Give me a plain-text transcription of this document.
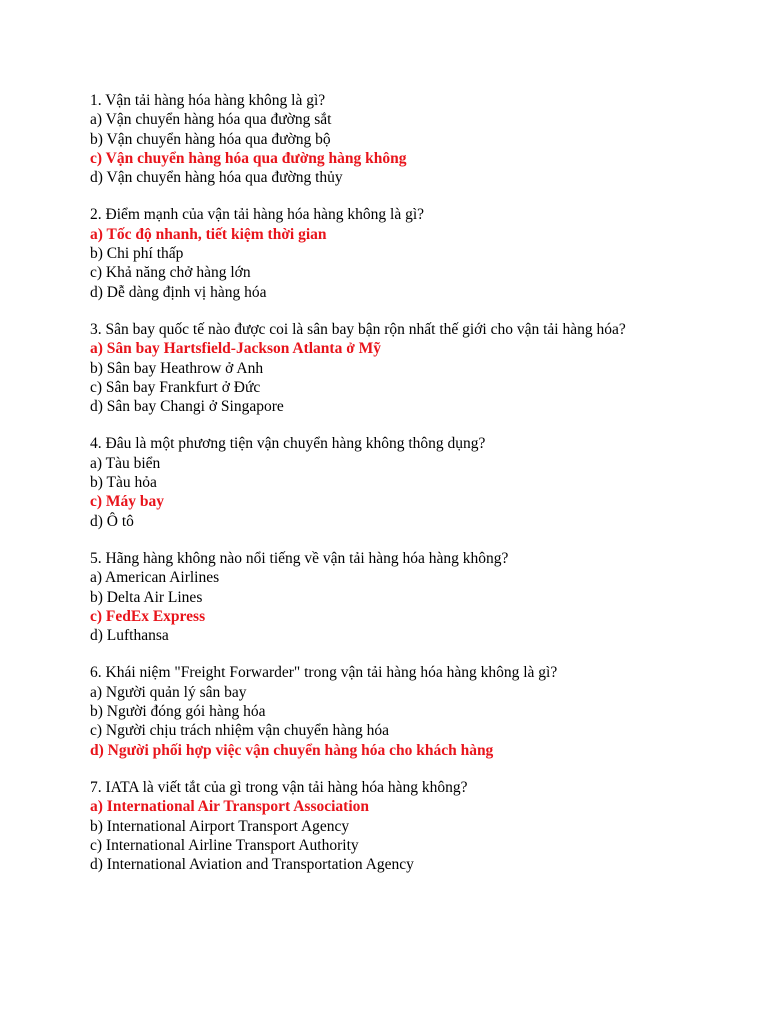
1. Vận tải hàng hóa hàng không là gì?
a) Vận chuyển hàng hóa qua đường sắt
b) Vận chuyển hàng hóa qua đường bộ
c) Vận chuyển hàng hóa qua đường hàng không
d) Vận chuyển hàng hóa qua đường thủy
2. Điểm mạnh của vận tải hàng hóa hàng không là gì?
a) Tốc độ nhanh, tiết kiệm thời gian
b) Chi phí thấp
c) Khả năng chở hàng lớn
d) Dễ dàng định vị hàng hóa
3. Sân bay quốc tế nào được coi là sân bay bận rộn nhất thế giới cho vận tải hàng hóa?
a) Sân bay Hartsfield-Jackson Atlanta ở Mỹ
b) Sân bay Heathrow ở Anh
c) Sân bay Frankfurt ở Đức
d) Sân bay Changi ở Singapore
4. Đâu là một phương tiện vận chuyển hàng không thông dụng?
a) Tàu biển
b) Tàu hỏa
c) Máy bay
d) Ô tô
5. Hãng hàng không nào nổi tiếng về vận tải hàng hóa hàng không?
a) American Airlines
b) Delta Air Lines
c) FedEx Express
d) Lufthansa
6. Khái niệm "Freight Forwarder" trong vận tải hàng hóa hàng không là gì?
a) Người quản lý sân bay
b) Người đóng gói hàng hóa
c) Người chịu trách nhiệm vận chuyển hàng hóa
d) Người phối hợp việc vận chuyển hàng hóa cho khách hàng
7. IATA là viết tắt của gì trong vận tải hàng hóa hàng không?
a) International Air Transport Association
b) International Airport Transport Agency
c) International Airline Transport Authority
d) International Aviation and Transportation Agency
